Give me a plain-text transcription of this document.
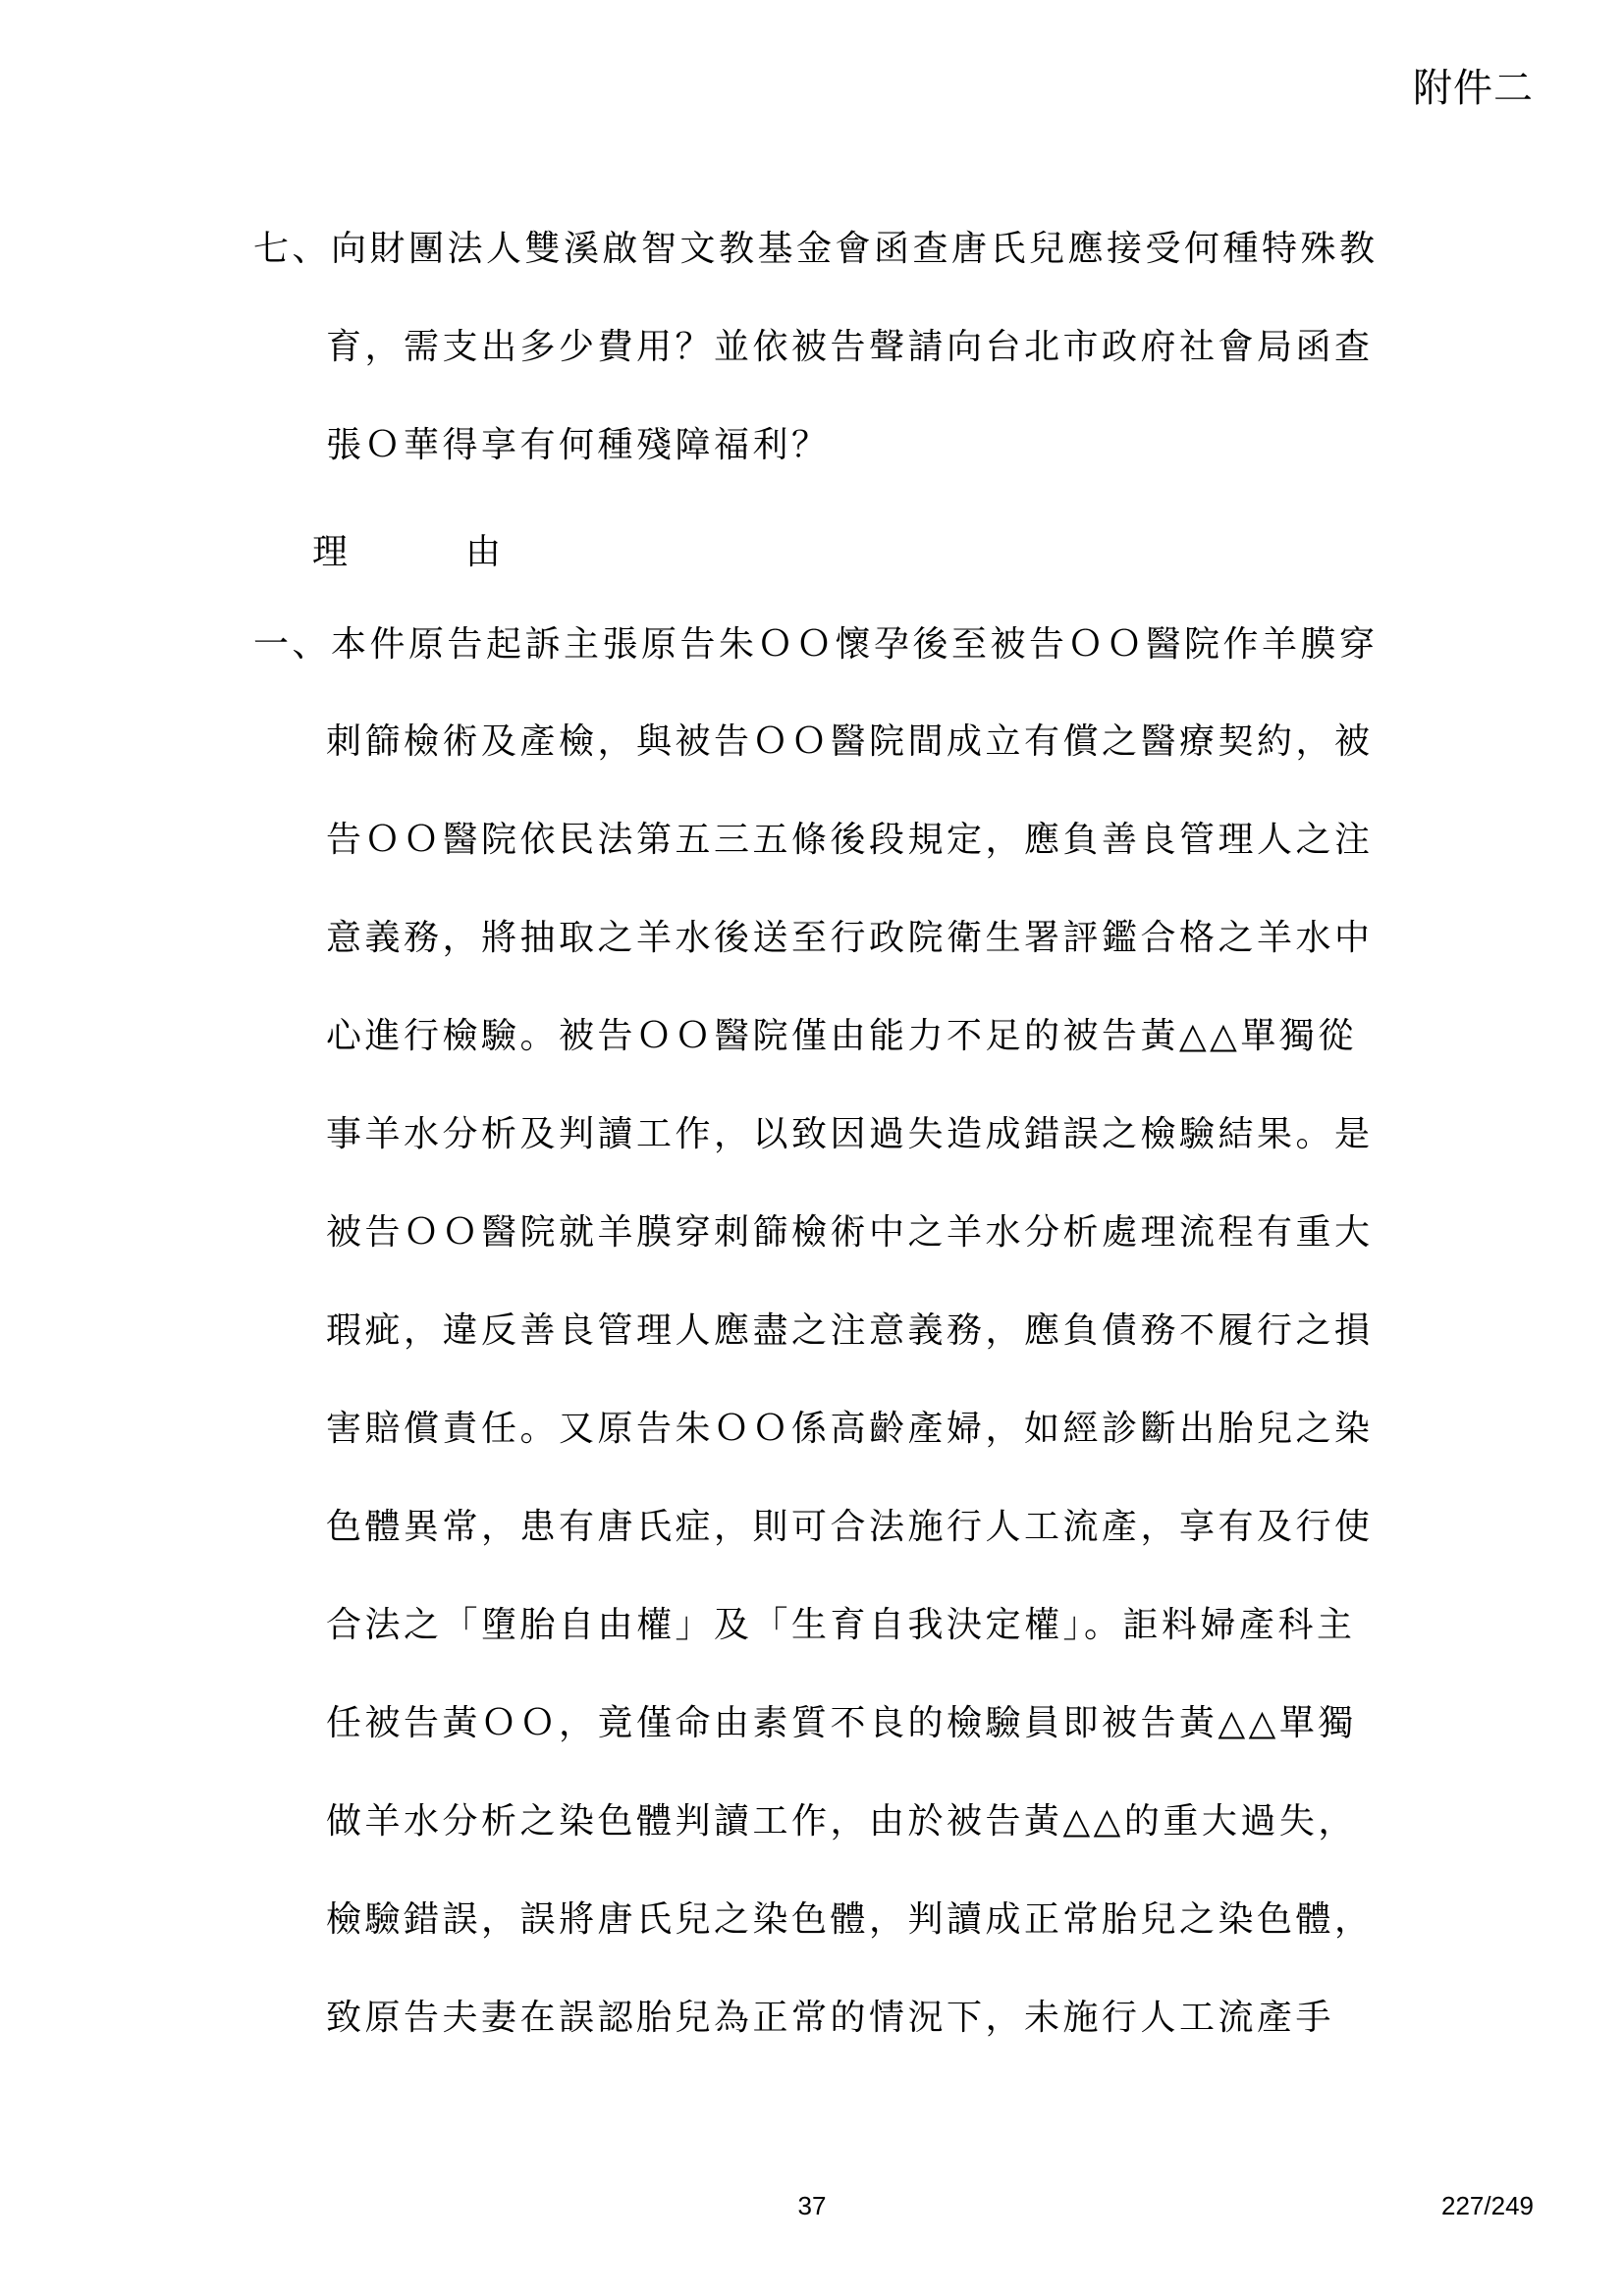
附件二
七、向財團法人雙溪啟智文教基金會函查唐氏兒應接受何種特殊教
育，需支出多少費用？並依被告聲請向台北市政府社會局函查
張Ｏ華得享有何種殘障福利？
理	由
一、本件原告起訴主張原告朱ＯＯ懷孕後至被告ＯＯ醫院作羊膜穿
刺篩檢術及產檢，與被告ＯＯ醫院間成立有償之醫療契約，被
告ＯＯ醫院依民法第五三五條後段規定，應負善良管理人之注
意義務，將抽取之羊水後送至行政院衛生署評鑑合格之羊水中
心進行檢驗。被告ＯＯ醫院僅由能力不足的被告黃△△單獨從
事羊水分析及判讀工作，以致因過失造成錯誤之檢驗結果。是
被告ＯＯ醫院就羊膜穿刺篩檢術中之羊水分析處理流程有重大
瑕疵，違反善良管理人應盡之注意義務，應負債務不履行之損
害賠償責任。又原告朱ＯＯ係高齡產婦，如經診斷出胎兒之染
色體異常，患有唐氏症，則可合法施行人工流產，享有及行使
合法之「墮胎自由權」及「生育自我決定權」。詎料婦產科主
任被告黃ＯＯ，竟僅命由素質不良的檢驗員即被告黃△△單獨
做羊水分析之染色體判讀工作，由於被告黃△△的重大過失，
檢驗錯誤，誤將唐氏兒之染色體，判讀成正常胎兒之染色體，
致原告夫妻在誤認胎兒為正常的情況下，未施行人工流產手
37	227/249
